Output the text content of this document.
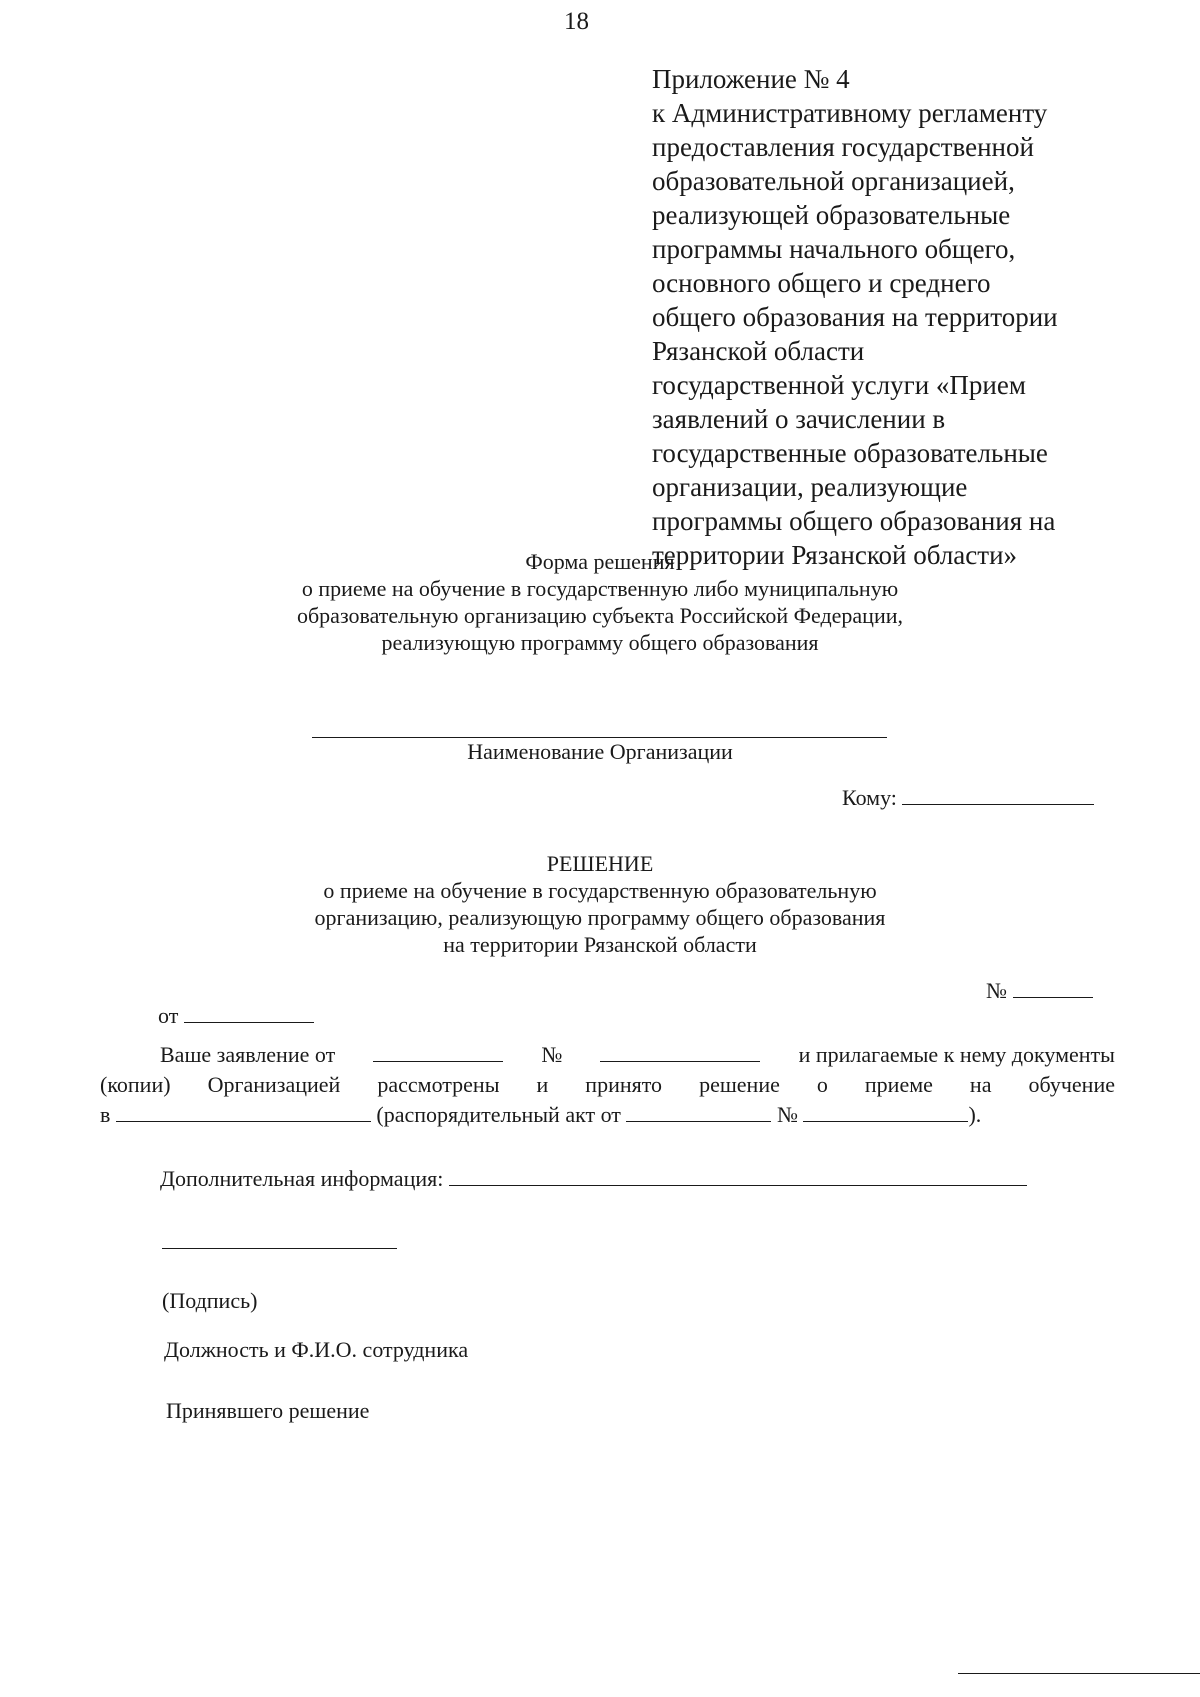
18
Приложение № 4
к Административному регламенту
предоставления государственной
образовательной организацией,
реализующей образовательные
программы начального общего,
основного общего и среднего
общего образования на территории
Рязанской области
государственной услуги «Прием
заявлений о зачислении в
государственные образовательные
организации, реализующие
программы общего образования на
территории Рязанской области»
Форма решения
о приеме на обучение в государственную либо муниципальную
образовательную организацию субъекта Российской Федерации,
реализующую программу общего образования
Наименование Организации
Кому:
РЕШЕНИЕ
о приеме на обучение в государственную образовательную
организацию, реализующую программу общего образования
на территории Рязанской области
№
от
Ваше заявление от	№	и прилагаемые к нему документы
(копии) Организацией рассмотрены и принято решение о приеме на обучение
в	(распорядительный акт от	№	).
Дополнительная информация:
(Подпись)
Должность и Ф.И.О. сотрудника
Принявшего решение
